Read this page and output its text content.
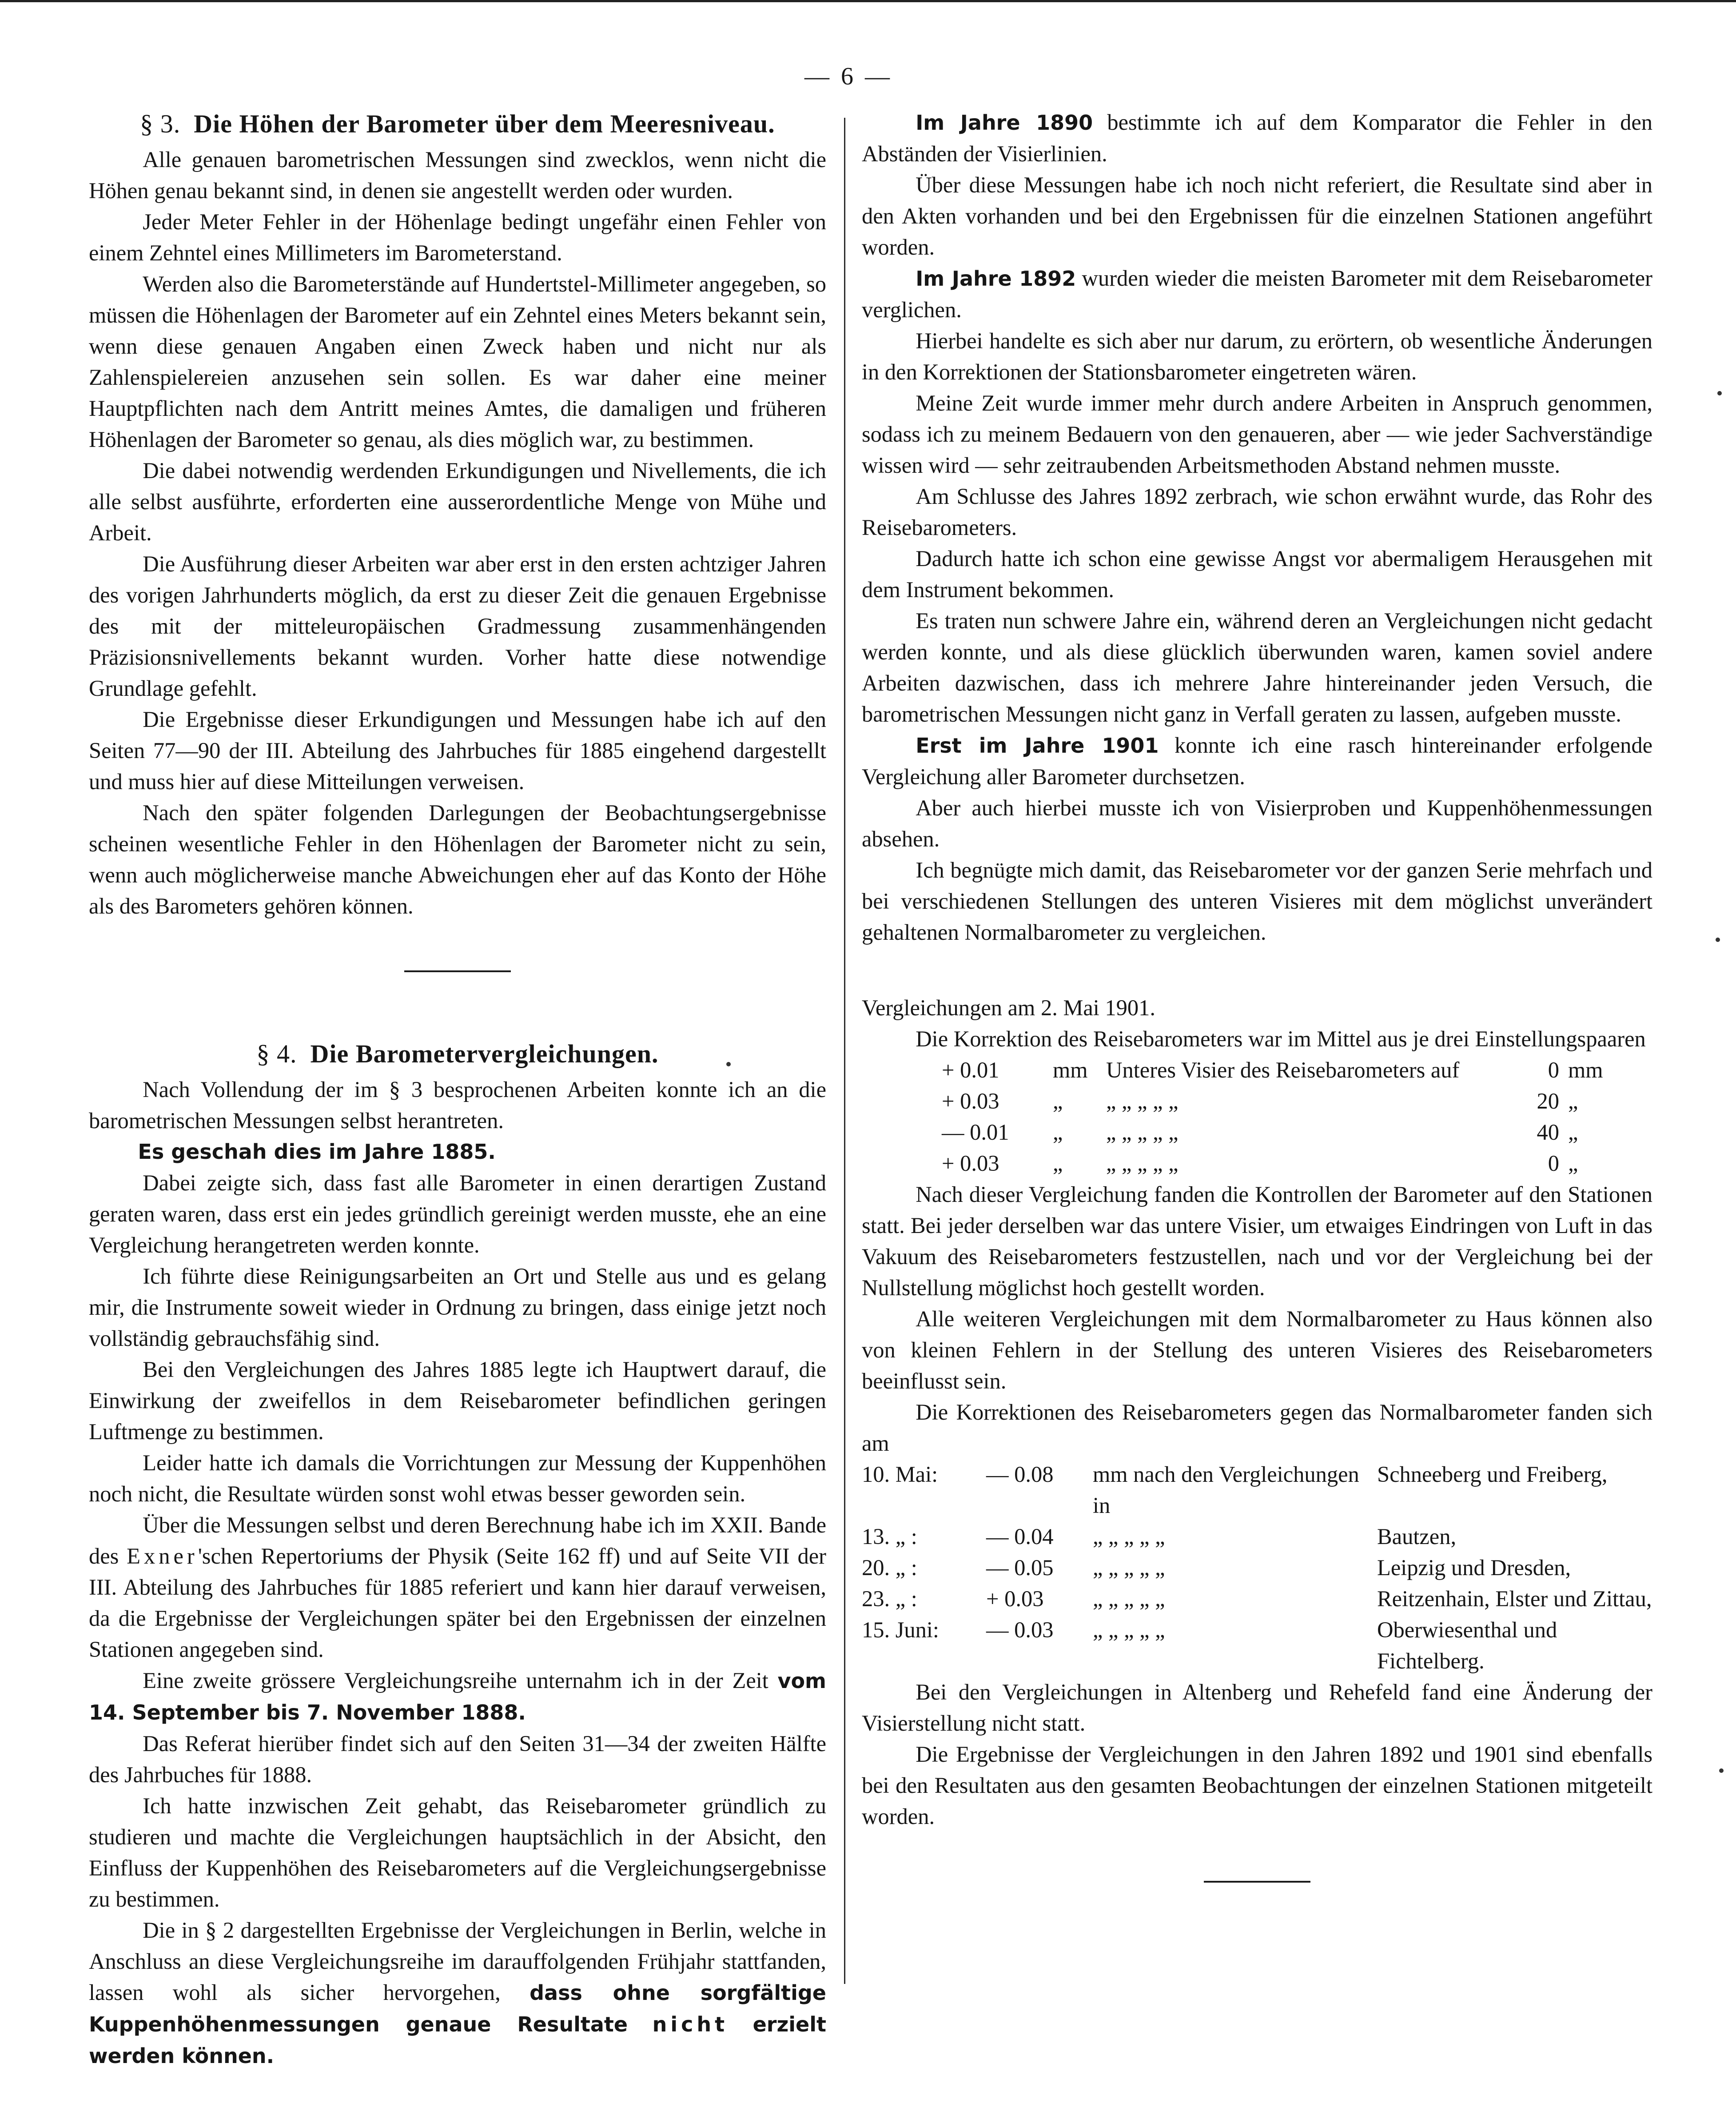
— 6 —
§ 3. Die Höhen der Barometer über dem Meeresniveau.

Alle genauen barometrischen Messungen sind zwecklos, wenn nicht die Höhen genau bekannt sind, in denen sie angestellt werden oder wurden.

Jeder Meter Fehler in der Höhenlage bedingt ungefähr einen Fehler von einem Zehntel eines Millimeters im Barometerstand.

Werden also die Barometerstände auf Hundertstel-Millimeter angegeben, so müssen die Höhenlagen der Barometer auf ein Zehntel eines Meters bekannt sein, wenn diese genauen Angaben einen Zweck haben und nicht nur als Zahlenspielereien anzusehen sein sollen. Es war daher eine meiner Hauptpflichten nach dem Antritt meines Amtes, die damaligen und früheren Höhenlagen der Barometer so genau, als dies möglich war, zu bestimmen.

Die dabei notwendig werdenden Erkundigungen und Nivellements, die ich alle selbst ausführte, erforderten eine ausserordentliche Menge von Mühe und Arbeit.

Die Ausführung dieser Arbeiten war aber erst in den ersten achtziger Jahren des vorigen Jahrhunderts möglich, da erst zu dieser Zeit die genauen Ergebnisse des mit der mitteleuropäischen Gradmessung zusammenhängenden Präzisionsnivellements bekannt wurden. Vorher hatte diese notwendige Grundlage gefehlt.

Die Ergebnisse dieser Erkundigungen und Messungen habe ich auf den Seiten 77—90 der III. Abteilung des Jahrbuches für 1885 eingehend dargestellt und muss hier auf diese Mitteilungen verweisen.

Nach den später folgenden Darlegungen der Beobachtungsergebnisse scheinen wesentliche Fehler in den Höhenlagen der Barometer nicht zu sein, wenn auch möglicherweise manche Abweichungen eher auf das Konto der Höhe als des Barometers gehören können.

§ 4. Die Barometervergleichungen.

Nach Vollendung der im § 3 besprochenen Arbeiten konnte ich an die barometrischen Messungen selbst herantreten.

Es geschah dies im Jahre 1885.

Dabei zeigte sich, dass fast alle Barometer in einen derartigen Zustand geraten waren, dass erst ein jedes gründlich gereinigt werden musste, ehe an eine Vergleichung herangetreten werden konnte.

Ich führte diese Reinigungsarbeiten an Ort und Stelle aus und es gelang mir, die Instrumente soweit wieder in Ordnung zu bringen, dass einige jetzt noch vollständig gebrauchsfähig sind.

Bei den Vergleichungen des Jahres 1885 legte ich Hauptwert darauf, die Einwirkung der zweifellos in dem Reisebarometer befindlichen geringen Luftmenge zu bestimmen.

Leider hatte ich damals die Vorrichtungen zur Messung der Kuppenhöhen noch nicht, die Resultate würden sonst wohl etwas besser geworden sein.

Über die Messungen selbst und deren Berechnung habe ich im XXII. Bande des Exner'schen Repertoriums der Physik (Seite 162 ff) und auf Seite VII der III. Abteilung des Jahrbuches für 1885 referiert und kann hier darauf verweisen, da die Ergebnisse der Vergleichungen später bei den Ergebnissen der einzelnen Stationen angegeben sind.

Eine zweite grössere Vergleichungsreihe unternahm ich in der Zeit vom 14. September bis 7. November 1888.

Das Referat hierüber findet sich auf den Seiten 31—34 der zweiten Hälfte des Jahrbuches für 1888.

Ich hatte inzwischen Zeit gehabt, das Reisebarometer gründlich zu studieren und machte die Vergleichungen hauptsächlich in der Absicht, den Einfluss der Kuppenhöhen des Reisebarometers auf die Vergleichungsergebnisse zu bestimmen.

Die in § 2 dargestellten Ergebnisse der Vergleichungen in Berlin, welche in Anschluss an diese Vergleichungsreihe im darauffolgenden Frühjahr stattfanden, lassen wohl als sicher hervorgehen, dass ohne sorgfältige Kuppenhöhenmessungen genaue Resultate nicht erzielt werden können.

Im Jahre 1890 bestimmte ich auf dem Komparator die Fehler in den Abständen der Visierlinien.

Über diese Messungen habe ich noch nicht referiert, die Resultate sind aber in den Akten vorhanden und bei den Ergebnissen für die einzelnen Stationen angeführt worden.

Im Jahre 1892 wurden wieder die meisten Barometer mit dem Reisebarometer verglichen.

Hierbei handelte es sich aber nur darum, zu erörtern, ob wesentliche Änderungen in den Korrektionen der Stationsbarometer eingetreten wären.

Meine Zeit wurde immer mehr durch andere Arbeiten in Anspruch genommen, sodass ich zu meinem Bedauern von den genaueren, aber — wie jeder Sachverständige wissen wird — sehr zeitraubenden Arbeitsmethoden Abstand nehmen musste.

Am Schlusse des Jahres 1892 zerbrach, wie schon erwähnt wurde, das Rohr des Reisebarometers.

Dadurch hatte ich schon eine gewisse Angst vor abermaligem Herausgehen mit dem Instrument bekommen.

Es traten nun schwere Jahre ein, während deren an Vergleichungen nicht gedacht werden konnte, und als diese glücklich überwunden waren, kamen soviel andere Arbeiten dazwischen, dass ich mehrere Jahre hintereinander jeden Versuch, die barometrischen Messungen nicht ganz in Verfall geraten zu lassen, aufgeben musste.

Erst im Jahre 1901 konnte ich eine rasch hintereinander erfolgende Vergleichung aller Barometer durchsetzen.

Aber auch hierbei musste ich von Visierproben und Kuppenhöhenmessungen absehen.

Ich begnügte mich damit, das Reisebarometer vor der ganzen Serie mehrfach und bei verschiedenen Stellungen des unteren Visieres mit dem möglichst unverändert gehaltenen Normalbarometer zu vergleichen.

Vergleichungen am 2. Mai 1901.

Die Korrektion des Reisebarometers war im Mittel aus je drei Einstellungspaaren

+ 0.01	mm	Unteres Visier des Reisebarometers auf	0	mm
+ 0.03	„	„ „ „ „ „	20	„
— 0.01	„	„ „ „ „ „	40	„
+ 0.03	„	„ „ „ „ „	0	„

Nach dieser Vergleichung fanden die Kontrollen der Barometer auf den Stationen statt. Bei jeder derselben war das untere Visier, um etwaiges Eindringen von Luft in das Vakuum des Reisebarometers festzustellen, nach und vor der Vergleichung bei der Nullstellung möglichst hoch gestellt worden.

Alle weiteren Vergleichungen mit dem Normalbarometer zu Haus können also von kleinen Fehlern in der Stellung des unteren Visieres des Reisebarometers beeinflusst sein.

Die Korrektionen des Reisebarometers gegen das Normalbarometer fanden sich am

10. Mai:	— 0.08	mm nach den Vergleichungen in	Schneeberg und Freiberg,
13. „ :	— 0.04	„ „ „ „ „	Bautzen,
20. „ :	— 0.05	„ „ „ „ „	Leipzig und Dresden,
23. „ :	+ 0.03	„ „ „ „ „	Reitzenhain, Elster und Zittau,
15. Juni:	— 0.03	„ „ „ „ „	Oberwiesenthal und Fichtelberg.

Bei den Vergleichungen in Altenberg und Rehefeld fand eine Änderung der Visierstellung nicht statt.

Die Ergebnisse der Vergleichungen in den Jahren 1892 und 1901 sind ebenfalls bei den Resultaten aus den gesamten Beobachtungen der einzelnen Stationen mitgeteilt worden.
